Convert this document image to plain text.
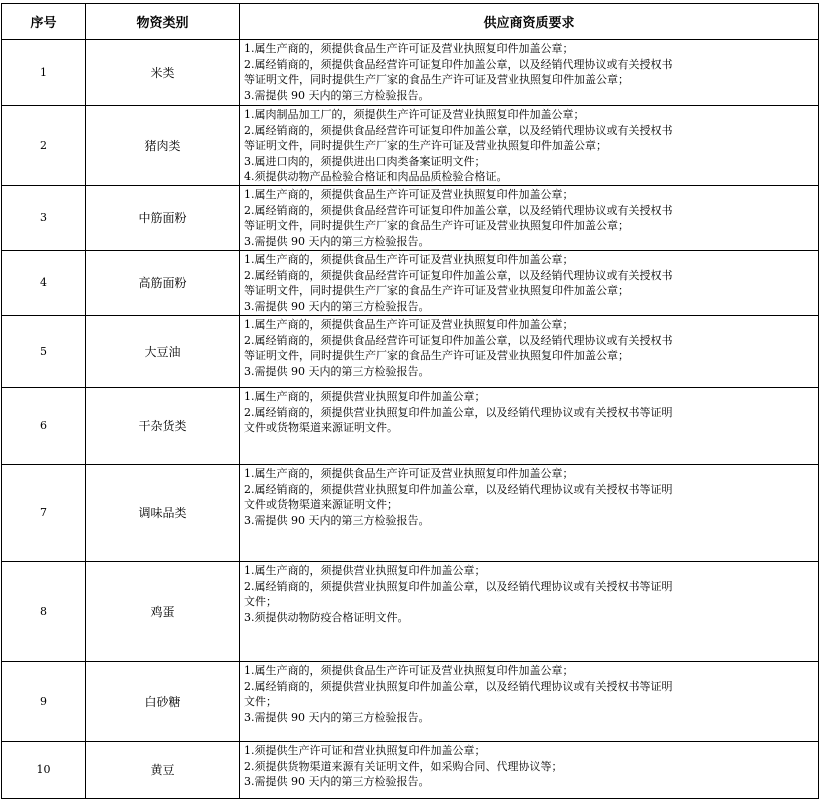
序号	物资类别	供应商资质要求
1	米类	1.属生产商的，须提供食品生产许可证及营业执照复印件加盖公章；
2.属经销商的，须提供食品经营许可证复印件加盖公章，以及经销代理协议或有关授权书
等证明文件，同时提供生产厂家的食品生产许可证及营业执照复印件加盖公章；
3.需提供 90 天内的第三方检验报告。

2	猪肉类	1.属肉制品加工厂的，须提供生产许可证及营业执照复印件加盖公章；
2.属经销商的，须提供食品经营许可证复印件加盖公章，以及经销代理协议或有关授权书
等证明文件，同时提供生产厂家的生产许可证及营业执照复印件加盖公章；
3.属进口肉的，须提供进出口肉类备案证明文件；
4.须提供动物产品检验合格证和肉品品质检验合格证。

3	中筋面粉	1.属生产商的，须提供食品生产许可证及营业执照复印件加盖公章；
2.属经销商的，须提供食品经营许可证复印件加盖公章，以及经销代理协议或有关授权书
等证明文件，同时提供生产厂家的食品生产许可证及营业执照复印件加盖公章；
3.需提供 90 天内的第三方检验报告。

4	高筋面粉	1.属生产商的，须提供食品生产许可证及营业执照复印件加盖公章；
2.属经销商的，须提供食品经营许可证复印件加盖公章，以及经销代理协议或有关授权书
等证明文件，同时提供生产厂家的食品生产许可证及营业执照复印件加盖公章；
3.需提供 90 天内的第三方检验报告。

5	大豆油	1.属生产商的，须提供食品生产许可证及营业执照复印件加盖公章；
2.属经销商的，须提供食品经营许可证复印件加盖公章，以及经销代理协议或有关授权书
等证明文件，同时提供生产厂家的食品生产许可证及营业执照复印件加盖公章；
3.需提供 90 天内的第三方检验报告。

6	干杂货类	1.属生产商的，须提供营业执照复印件加盖公章；
2.属经销商的，须提供营业执照复印件加盖公章，以及经销代理协议或有关授权书等证明
文件或货物渠道来源证明文件。

7	调味品类	1.属生产商的，须提供食品生产许可证及营业执照复印件加盖公章；
2.属经销商的，须提供营业执照复印件加盖公章，以及经销代理协议或有关授权书等证明
文件或货物渠道来源证明文件；
3.需提供 90 天内的第三方检验报告。

8	鸡蛋	1.属生产商的，须提供营业执照复印件加盖公章；
2.属经销商的，须提供营业执照复印件加盖公章，以及经销代理协议或有关授权书等证明
文件；
3.须提供动物防疫合格证明文件。

9	白砂糖	1.属生产商的，须提供食品生产许可证及营业执照复印件加盖公章；
2.属经销商的，须提供营业执照复印件加盖公章，以及经销代理协议或有关授权书等证明
文件；
3.需提供 90 天内的第三方检验报告。

10	黄豆	1.须提供生产许可证和营业执照复印件加盖公章；
2.须提供货物渠道来源有关证明文件，如采购合同、代理协议等；
3.需提供 90 天内的第三方检验报告。
